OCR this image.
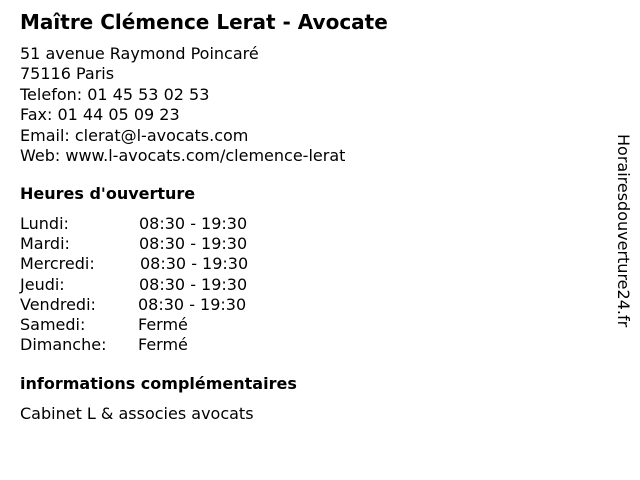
Maître Clémence Lerat - Avocate
51 avenue Raymond Poincaré
75116 Paris
Telefon: 01 45 53 02 53
Fax: 01 44 05 09 23
Email: clerat@l-avocats.com
Web: www.l-avocats.com/clemence-lerat
Heures d'ouverture
Lundi:	08:30 - 19:30
Mardi:	08:30 - 19:30
Mercredi:	08:30 - 19:30
Jeudi:	08:30 - 19:30
Vendredi:	08:30 - 19:30
Samedi:	Fermé
Dimanche: Fermé
informations complémentaires
Cabinet L & associes avocats
Horairesdouverture24.fr
